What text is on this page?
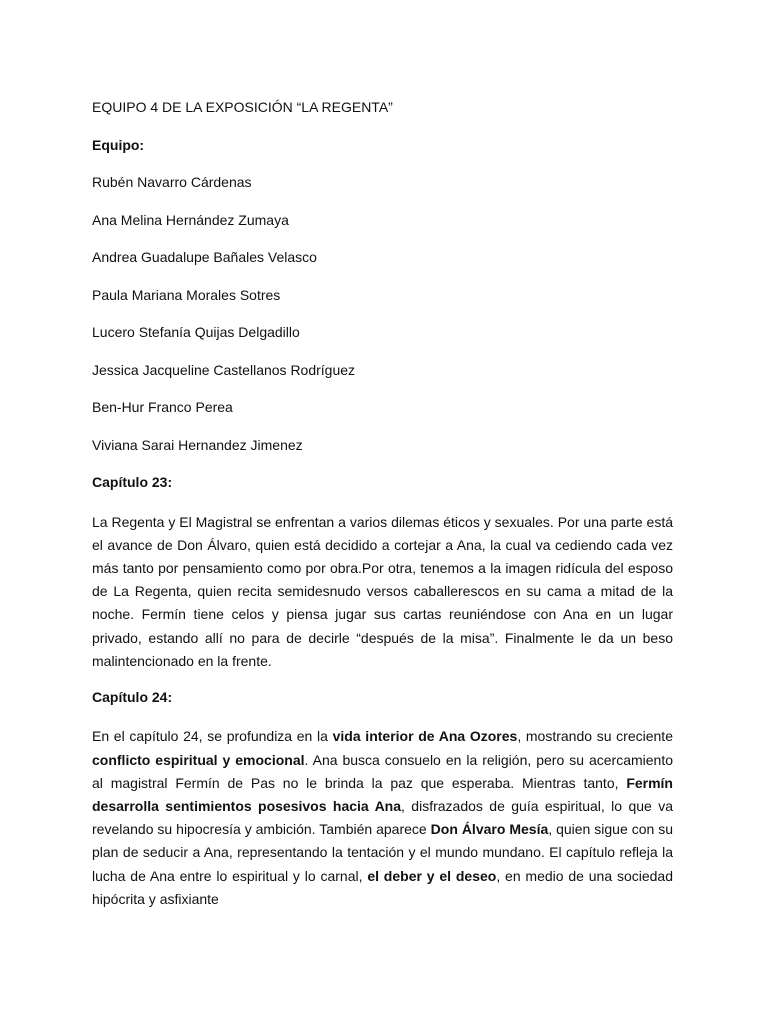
EQUIPO 4 DE LA EXPOSICIÓN “LA REGENTA”
Equipo:
Rubén Navarro Cárdenas
Ana Melina Hernández Zumaya
Andrea Guadalupe Bañales Velasco
Paula Mariana Morales Sotres
Lucero Stefanía Quijas Delgadillo
Jessica Jacqueline Castellanos Rodríguez
Ben-Hur Franco Perea
Viviana Sarai Hernandez Jimenez
Capítulo 23:

La Regenta y El Magistral se enfrentan a varios dilemas éticos y sexuales. Por una parte está el avance de Don Álvaro, quien está decidido a cortejar a Ana, la cual va cediendo cada vez más tanto por pensamiento como por obra.Por otra, tenemos a la imagen ridícula del esposo de La Regenta, quien recita semidesnudo versos caballerescos en su cama a mitad de la noche. Fermín tiene celos y piensa jugar sus cartas reuniéndose con Ana en un lugar privado, estando allí no para de decirle “después de la misa”. Finalmente le da un beso malintencionado en la frente.

Capítulo 24:

En el capítulo 24, se profundiza en la vida interior de Ana Ozores, mostrando su creciente conflicto espiritual y emocional. Ana busca consuelo en la religión, pero su acercamiento al magistral Fermín de Pas no le brinda la paz que esperaba. Mientras tanto, Fermín desarrolla sentimientos posesivos hacia Ana, disfrazados de guía espiritual, lo que va revelando su hipocresía y ambición. También aparece Don Álvaro Mesía, quien sigue con su plan de seducir a Ana, representando la tentación y el mundo mundano. El capítulo refleja la lucha de Ana entre lo espiritual y lo carnal, el deber y el deseo, en medio de una sociedad hipócrita y asfixiante
